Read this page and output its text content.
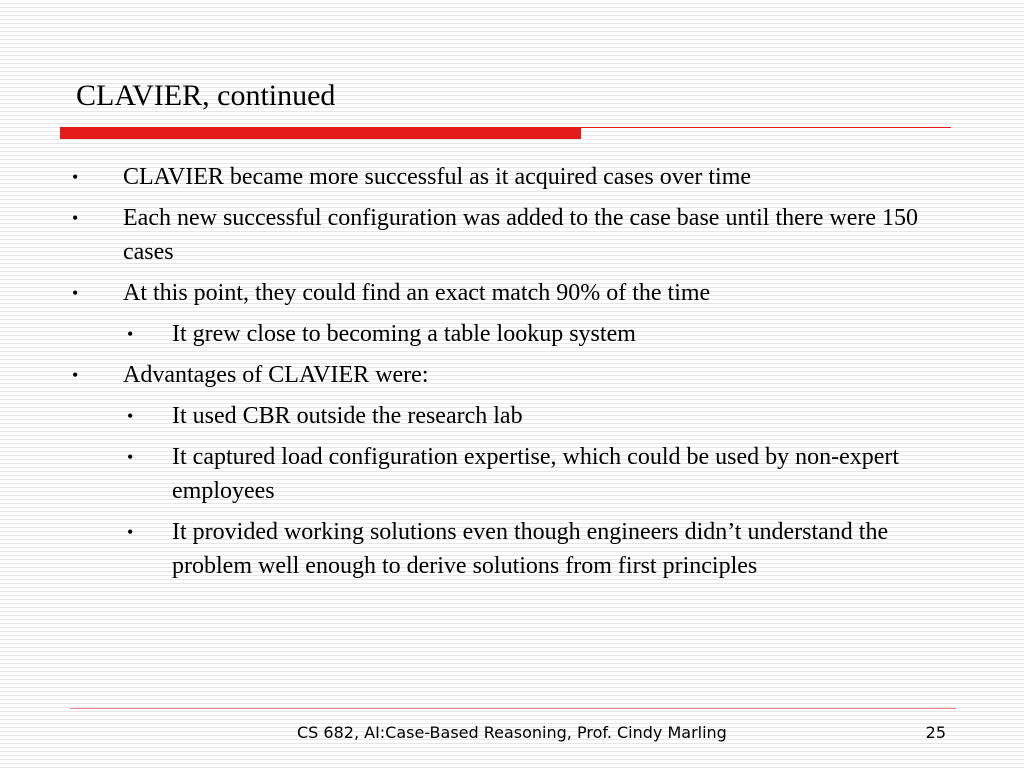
CLAVIER, continued
• CLAVIER became more successful as it acquired cases over time
• Each new successful configuration was added to the case base until there were 150 cases
• At this point, they could find an exact match 90% of the time
• It grew close to becoming a table lookup system
• Advantages of CLAVIER were:
• It used CBR outside the research lab
• It captured load configuration expertise, which could be used by non-expert employees
• It provided working solutions even though engineers didn’t understand the problem well enough to derive solutions from first principles
CS 682, AI:Case-Based Reasoning, Prof. Cindy Marling	25
